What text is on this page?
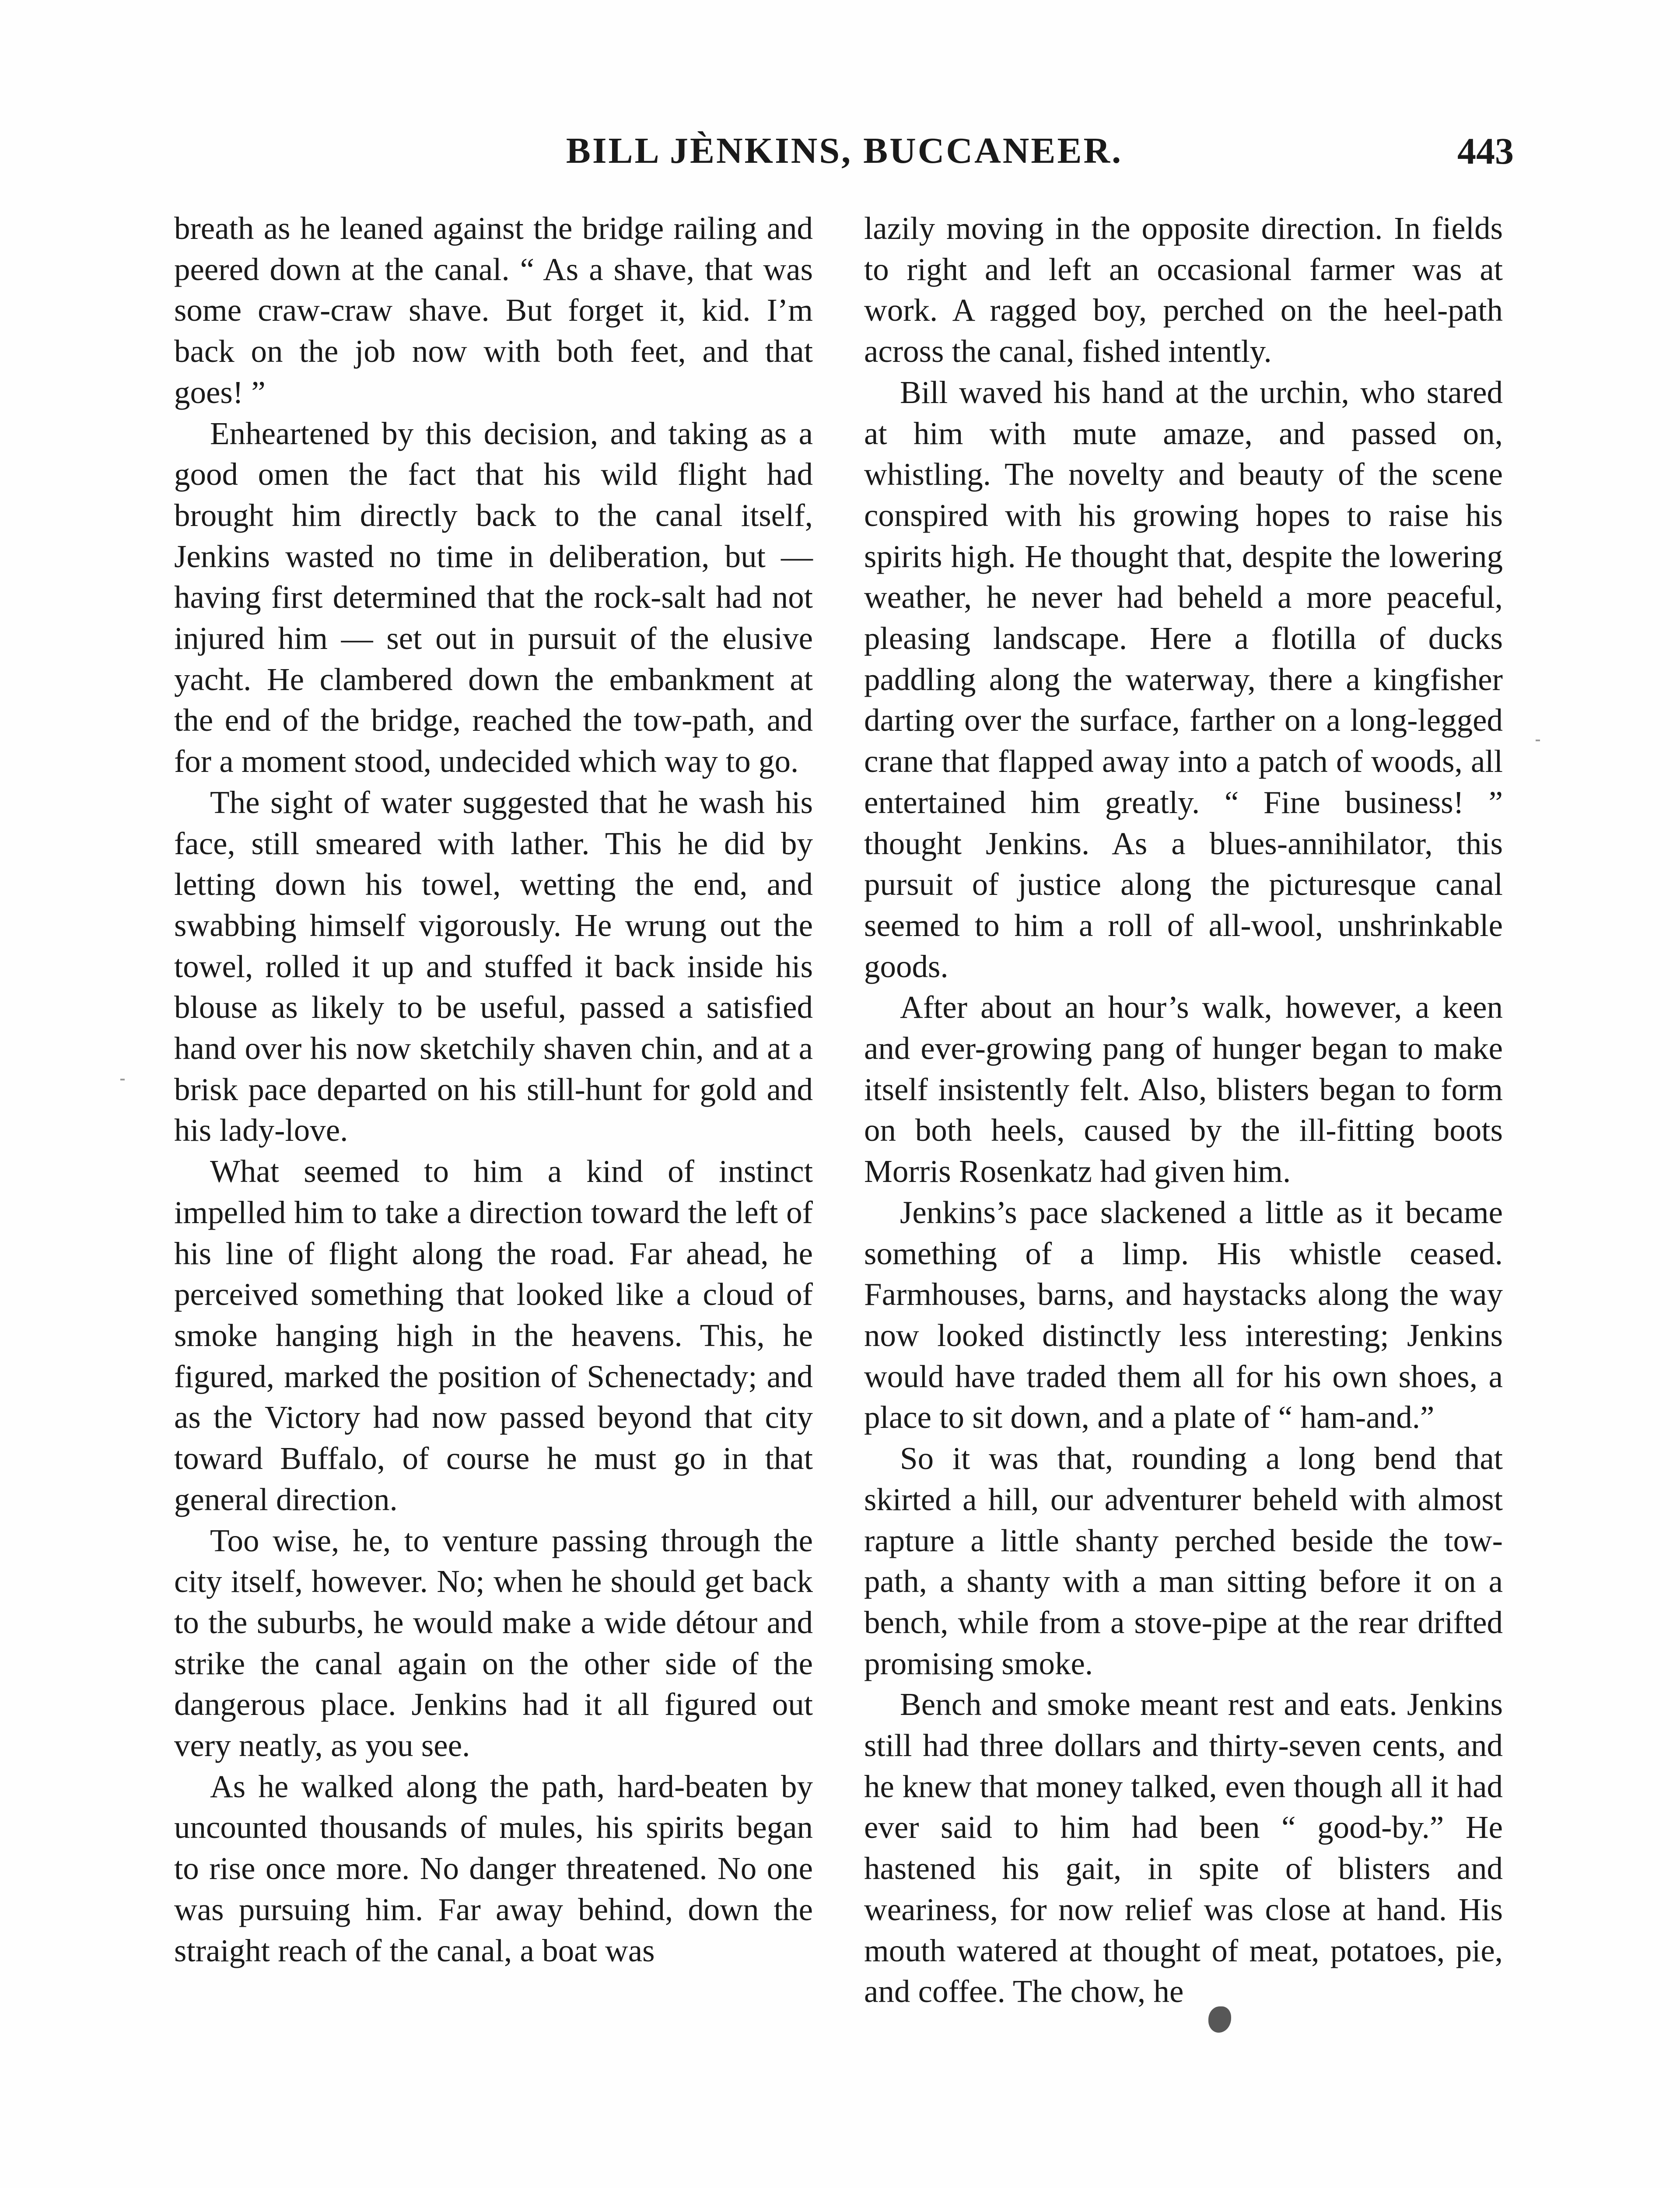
BILL JÈNKINS, BUCCANEER.	443

breath as he leaned against the bridge railing and peered down at the canal. “ As a shave, that was some craw-craw shave. But forget it, kid. I’m back on the job now with both feet, and that goes! ”

Enheartened by this decision, and taking as a good omen the fact that his wild flight had brought him directly back to the canal itself, Jenkins wasted no time in deliberation, but — having first determined that the rock-salt had not injured him — set out in pursuit of the elusive yacht. He clambered down the embankment at the end of the bridge, reached the tow-path, and for a moment stood, undecided which way to go.

The sight of water suggested that he wash his face, still smeared with lather. This he did by letting down his towel, wetting the end, and swabbing himself vigorously. He wrung out the towel, rolled it up and stuffed it back inside his blouse as likely to be useful, passed a satisfied hand over his now sketchily shaven chin, and at a brisk pace departed on his still-hunt for gold and his lady-love.

What seemed to him a kind of instinct impelled him to take a direction toward the left of his line of flight along the road. Far ahead, he perceived something that looked like a cloud of smoke hanging high in the heavens. This, he figured, marked the position of Schenectady; and as the Victory had now passed beyond that city toward Buffalo, of course he must go in that general direction.

Too wise, he, to venture passing through the city itself, however. No; when he should get back to the suburbs, he would make a wide détour and strike the canal again on the other side of the dangerous place. Jenkins had it all figured out very neatly, as you see.

As he walked along the path, hard-beaten by uncounted thousands of mules, his spirits began to rise once more. No danger threatened. No one was pursuing him. Far away behind, down the straight reach of the canal, a boat was

lazily moving in the opposite direction. In fields to right and left an occasional farmer was at work. A ragged boy, perched on the heel-path across the canal, fished intently.

Bill waved his hand at the urchin, who stared at him with mute amaze, and passed on, whistling. The novelty and beauty of the scene conspired with his growing hopes to raise his spirits high. He thought that, despite the lowering weather, he never had beheld a more peaceful, pleasing landscape. Here a flotilla of ducks paddling along the waterway, there a kingfisher darting over the surface, farther on a long-legged crane that flapped away into a patch of woods, all entertained him greatly. “ Fine business! ” thought Jenkins. As a blues-annihilator, this pursuit of justice along the picturesque canal seemed to him a roll of all-wool, unshrinkable goods.

After about an hour’s walk, however, a keen and ever-growing pang of hunger began to make itself insistently felt. Also, blisters began to form on both heels, caused by the ill-fitting boots Morris Rosenkatz had given him.

Jenkins’s pace slackened a little as it became something of a limp. His whistle ceased. Farmhouses, barns, and haystacks along the way now looked distinctly less interesting; Jenkins would have traded them all for his own shoes, a place to sit down, and a plate of “ ham-and.”

So it was that, rounding a long bend that skirted a hill, our adventurer beheld with almost rapture a little shanty perched beside the tow-path, a shanty with a man sitting before it on a bench, while from a stove-pipe at the rear drifted promising smoke.

Bench and smoke meant rest and eats. Jenkins still had three dollars and thirty-seven cents, and he knew that money talked, even though all it had ever said to him had been “ good-by.” He hastened his gait, in spite of blisters and weariness, for now relief was close at hand. His mouth watered at thought of meat, potatoes, pie, and coffee. The chow, he
